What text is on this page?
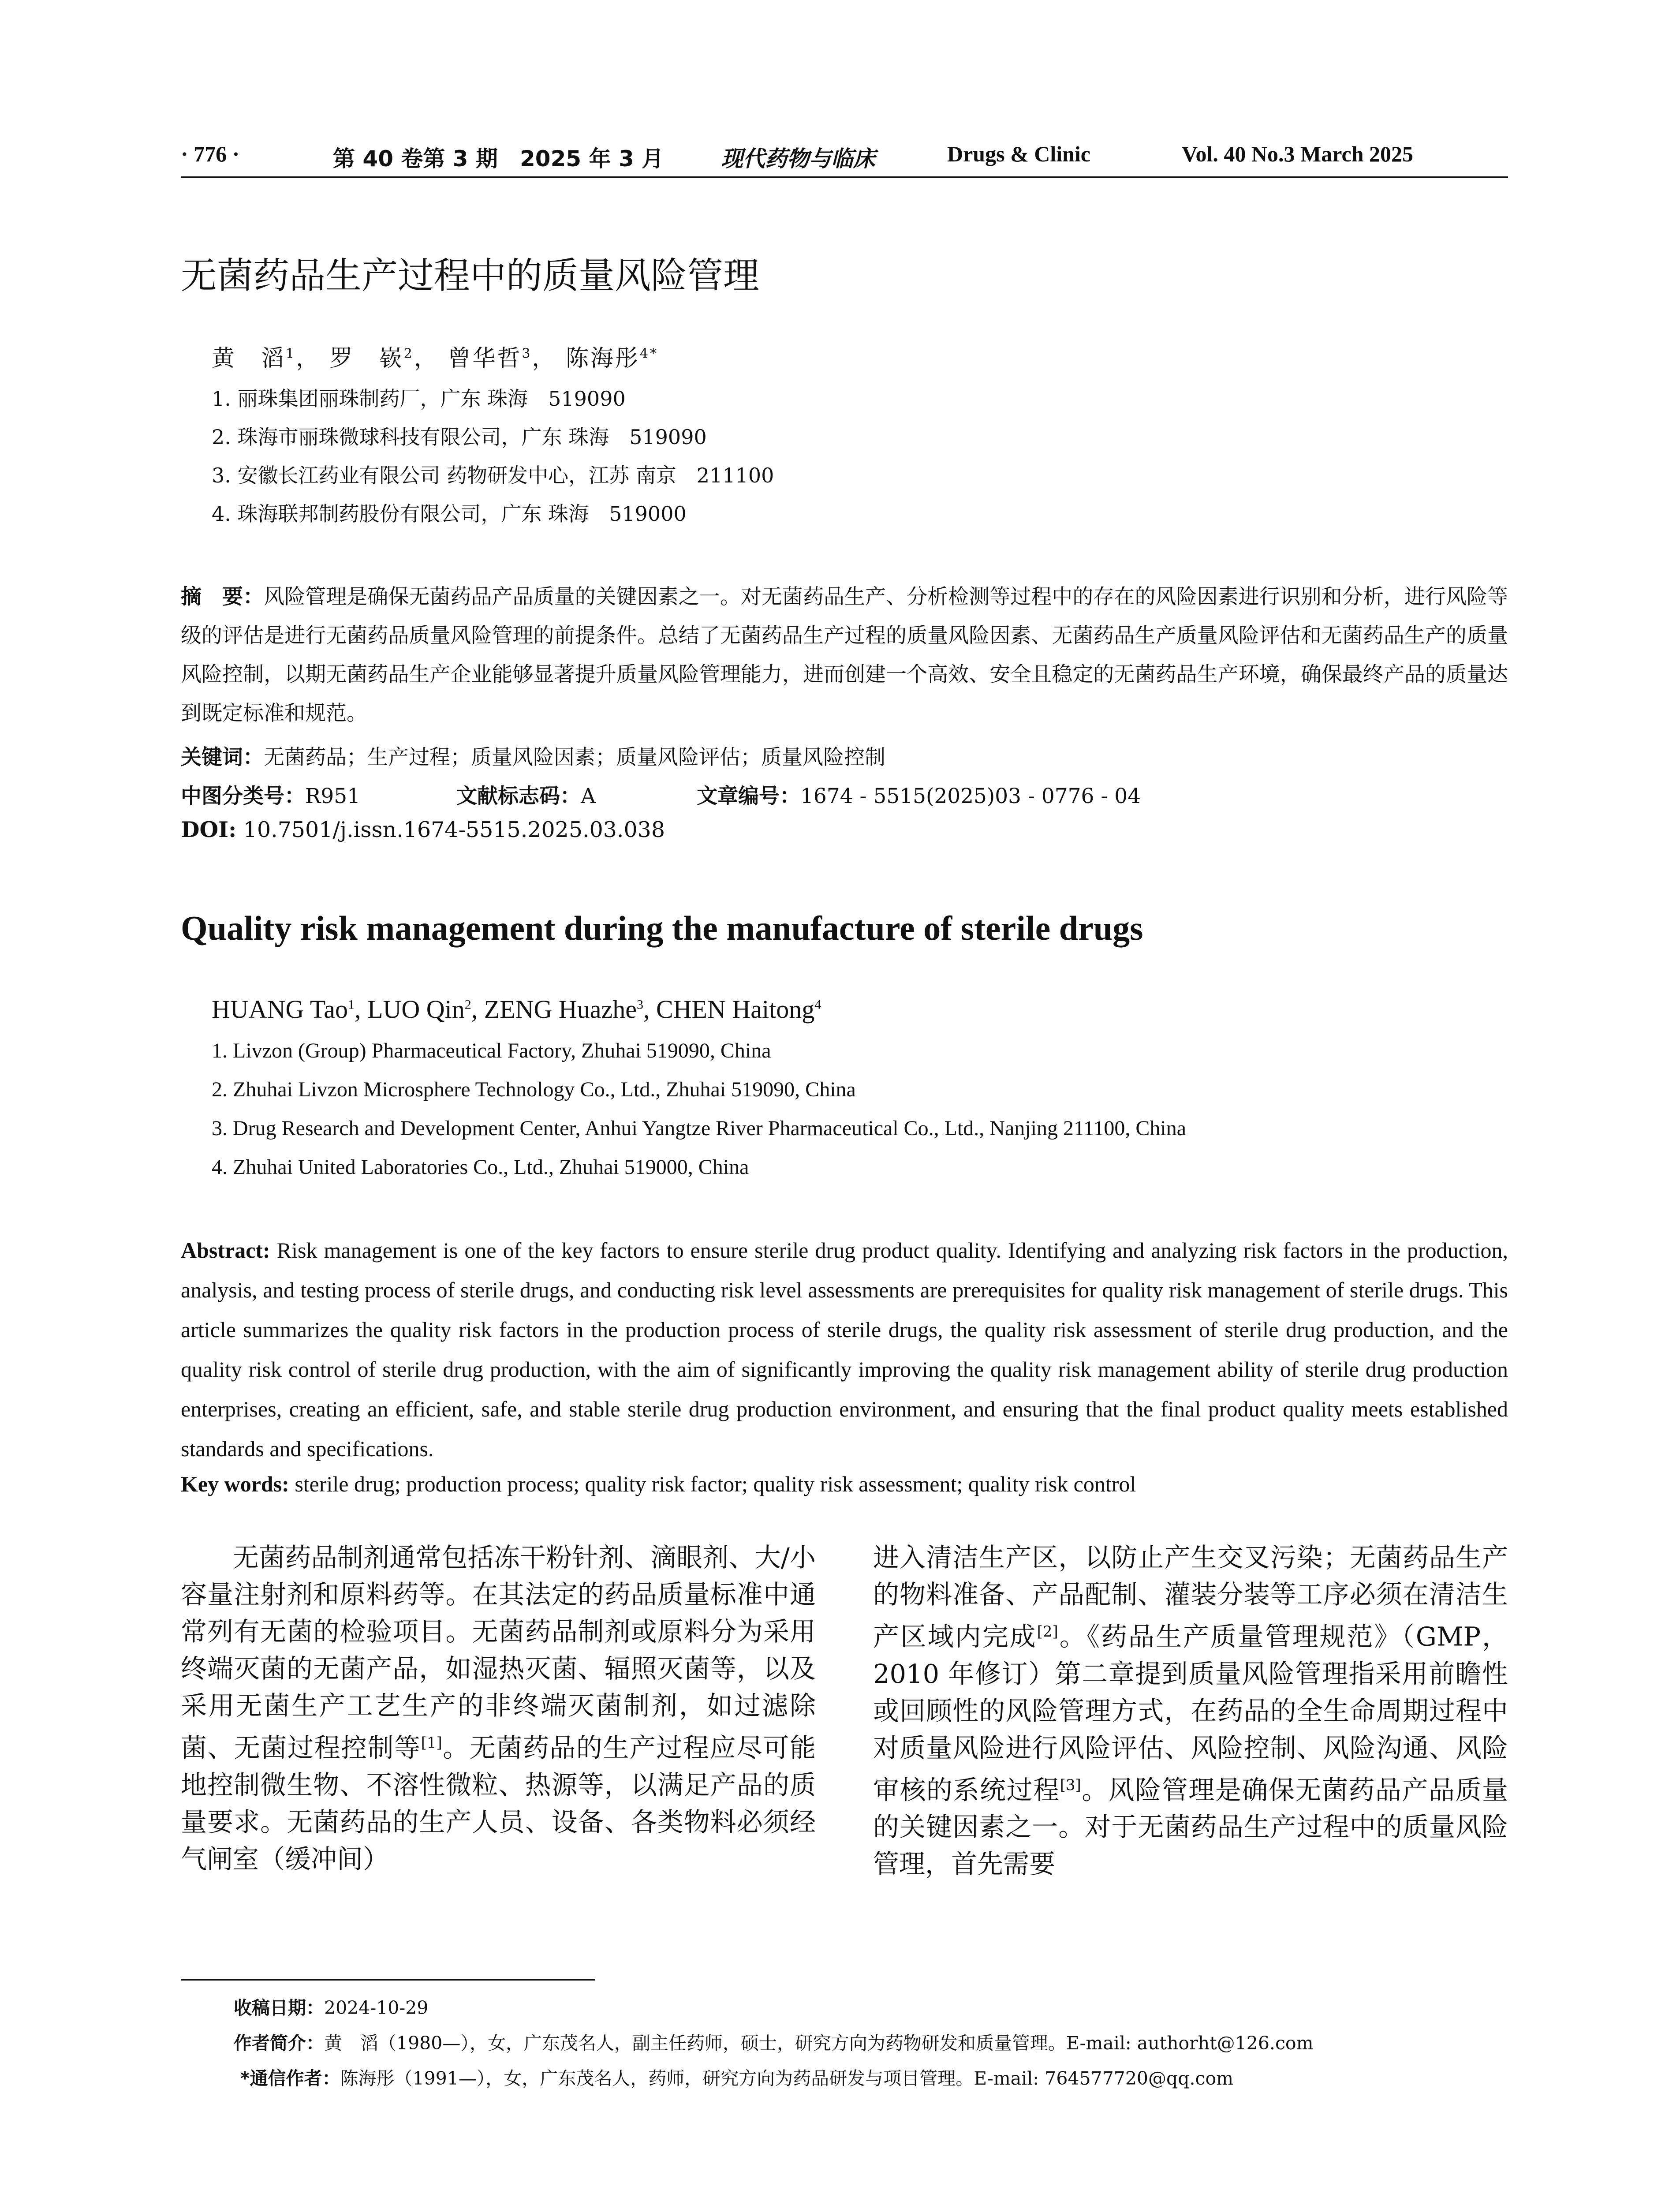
· 776 ·	第 40 卷第 3 期　2025 年 3 月	现代药物与临床	Drugs & Clinic	Vol. 40 No.3 March 2025
无菌药品生产过程中的质量风险管理
黄　滔$^1$， 罗　嵚$^2$， 曾华哲$^3$， 陈海彤$^{4*}$
1. 丽珠集团丽珠制药厂，广东 珠海　519090
2. 珠海市丽珠微球科技有限公司，广东 珠海　519090
3. 安徽长江药业有限公司 药物研发中心，江苏 南京　211100
4. 珠海联邦制药股份有限公司，广东 珠海　519000
摘　要：风险管理是确保无菌药品产品质量的关键因素之一。对无菌药品生产、分析检测等过程中的存在的风险因素进行识别和分析，进行风险等级的评估是进行无菌药品质量风险管理的前提条件。总结了无菌药品生产过程的质量风险因素、无菌药品生产质量风险评估和无菌药品生产的质量风险控制，以期无菌药品生产企业能够显著提升质量风险管理能力，进而创建一个高效、安全且稳定的无菌药品生产环境，确保最终产品的质量达到既定标准和规范。
关键词：无菌药品；生产过程；质量风险因素；质量风险评估；质量风险控制
中图分类号：R951	文献标志码：A	文章编号：1674 - 5515(2025)03 - 0776 - 04
DOI: 10.7501/j.issn.1674-5515.2025.03.038
Quality risk management during the manufacture of sterile drugs
HUANG Tao$^1$, LUO Qin$^2$, ZENG Huazhe$^3$, CHEN Haitong$^4$
1. Livzon (Group) Pharmaceutical Factory, Zhuhai 519090, China
2. Zhuhai Livzon Microsphere Technology Co., Ltd., Zhuhai 519090, China
3. Drug Research and Development Center, Anhui Yangtze River Pharmaceutical Co., Ltd., Nanjing 211100, China
4. Zhuhai United Laboratories Co., Ltd., Zhuhai 519000, China
Abstract: Risk management is one of the key factors to ensure sterile drug product quality. Identifying and analyzing risk factors in the production, analysis, and testing process of sterile drugs, and conducting risk level assessments are prerequisites for quality risk management of sterile drugs. This article summarizes the quality risk factors in the production process of sterile drugs, the quality risk assessment of sterile drug production, and the quality risk control of sterile drug production, with the aim of significantly improving the quality risk management ability of sterile drug production enterprises, creating an efficient, safe, and stable sterile drug production environment, and ensuring that the final product quality meets established standards and specifications.
Key words: sterile drug; production process; quality risk factor; quality risk assessment; quality risk control
无菌药品制剂通常包括冻干粉针剂、滴眼剂、大/小容量注射剂和原料药等。在其法定的药品质量标准中通常列有无菌的检验项目。无菌药品制剂或原料分为采用终端灭菌的无菌产品，如湿热灭菌、辐照灭菌等，以及采用无菌生产工艺生产的非终端灭菌制剂，如过滤除菌、无菌过程控制等[1]。无菌药品的生产过程应尽可能地控制微生物、不溶性微粒、热源等，以满足产品的质量要求。无菌药品的生产人员、设备、各类物料必须经气闸室（缓冲间）
进入清洁生产区，以防止产生交叉污染；无菌药品生产的物料准备、产品配制、灌装分装等工序必须在清洁生产区域内完成[2]。《药品生产质量管理规范》（GMP，2010 年修订）第二章提到质量风险管理指采用前瞻性或回顾性的风险管理方式，在药品的全生命周期过程中对质量风险进行风险评估、风险控制、风险沟通、风险审核的系统过程[3]。风险管理是确保无菌药品产品质量的关键因素之一。对于无菌药品生产过程中的质量风险管理，首先需要
收稿日期：2024-10-29
作者简介：黄　滔（1980—），女，广东茂名人，副主任药师，硕士，研究方向为药物研发和质量管理。E-mail: authorht@126.com
*通信作者：陈海彤（1991—），女，广东茂名人，药师，研究方向为药品研发与项目管理。E-mail: 764577720@qq.com
